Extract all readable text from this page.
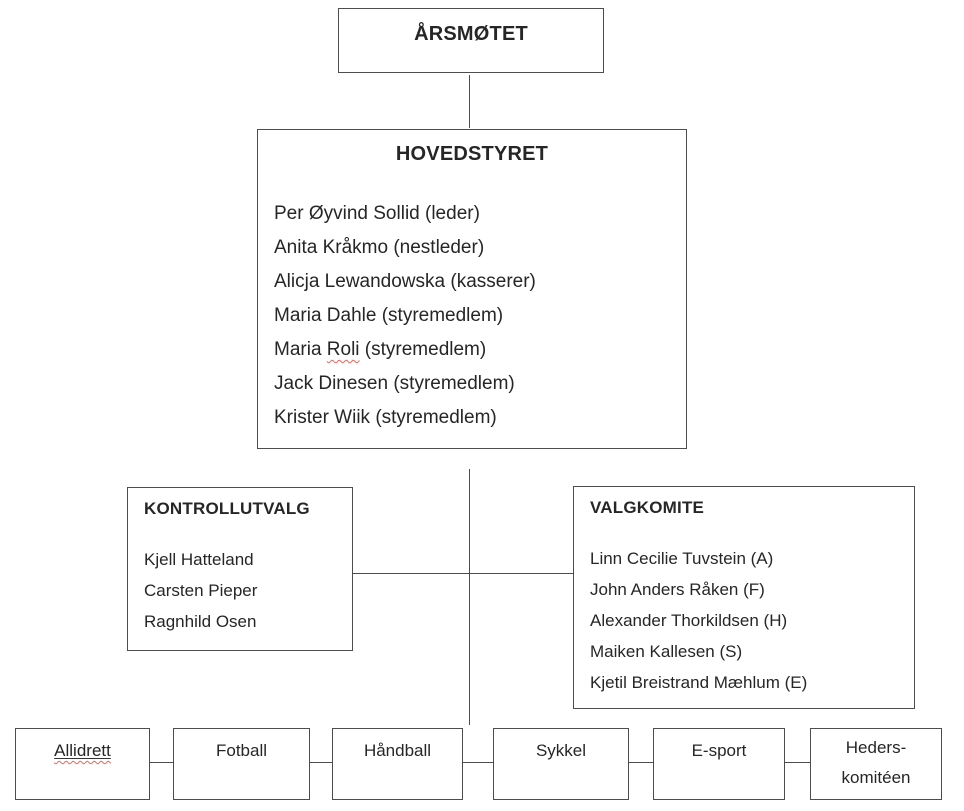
ÅRSMØTET
HOVEDSTYRET
Per Øyvind Sollid (leder)
Anita Kråkmo (nestleder)
Alicja Lewandowska (kasserer)
Maria Dahle (styremedlem)
Maria Roli (styremedlem)
Jack Dinesen (styremedlem)
Krister Wiik (styremedlem)
KONTROLLUTVALG
Kjell Hatteland
Carsten Pieper
Ragnhild Osen
VALGKOMITE
Linn Cecilie Tuvstein (A)
John Anders Råken (F)
Alexander Thorkildsen (H)
Maiken Kallesen (S)
Kjetil Breistrand Mæhlum (E)
Allidrett	Fotball	Håndball	Sykkel	E-sport	Heders-
komitéen
